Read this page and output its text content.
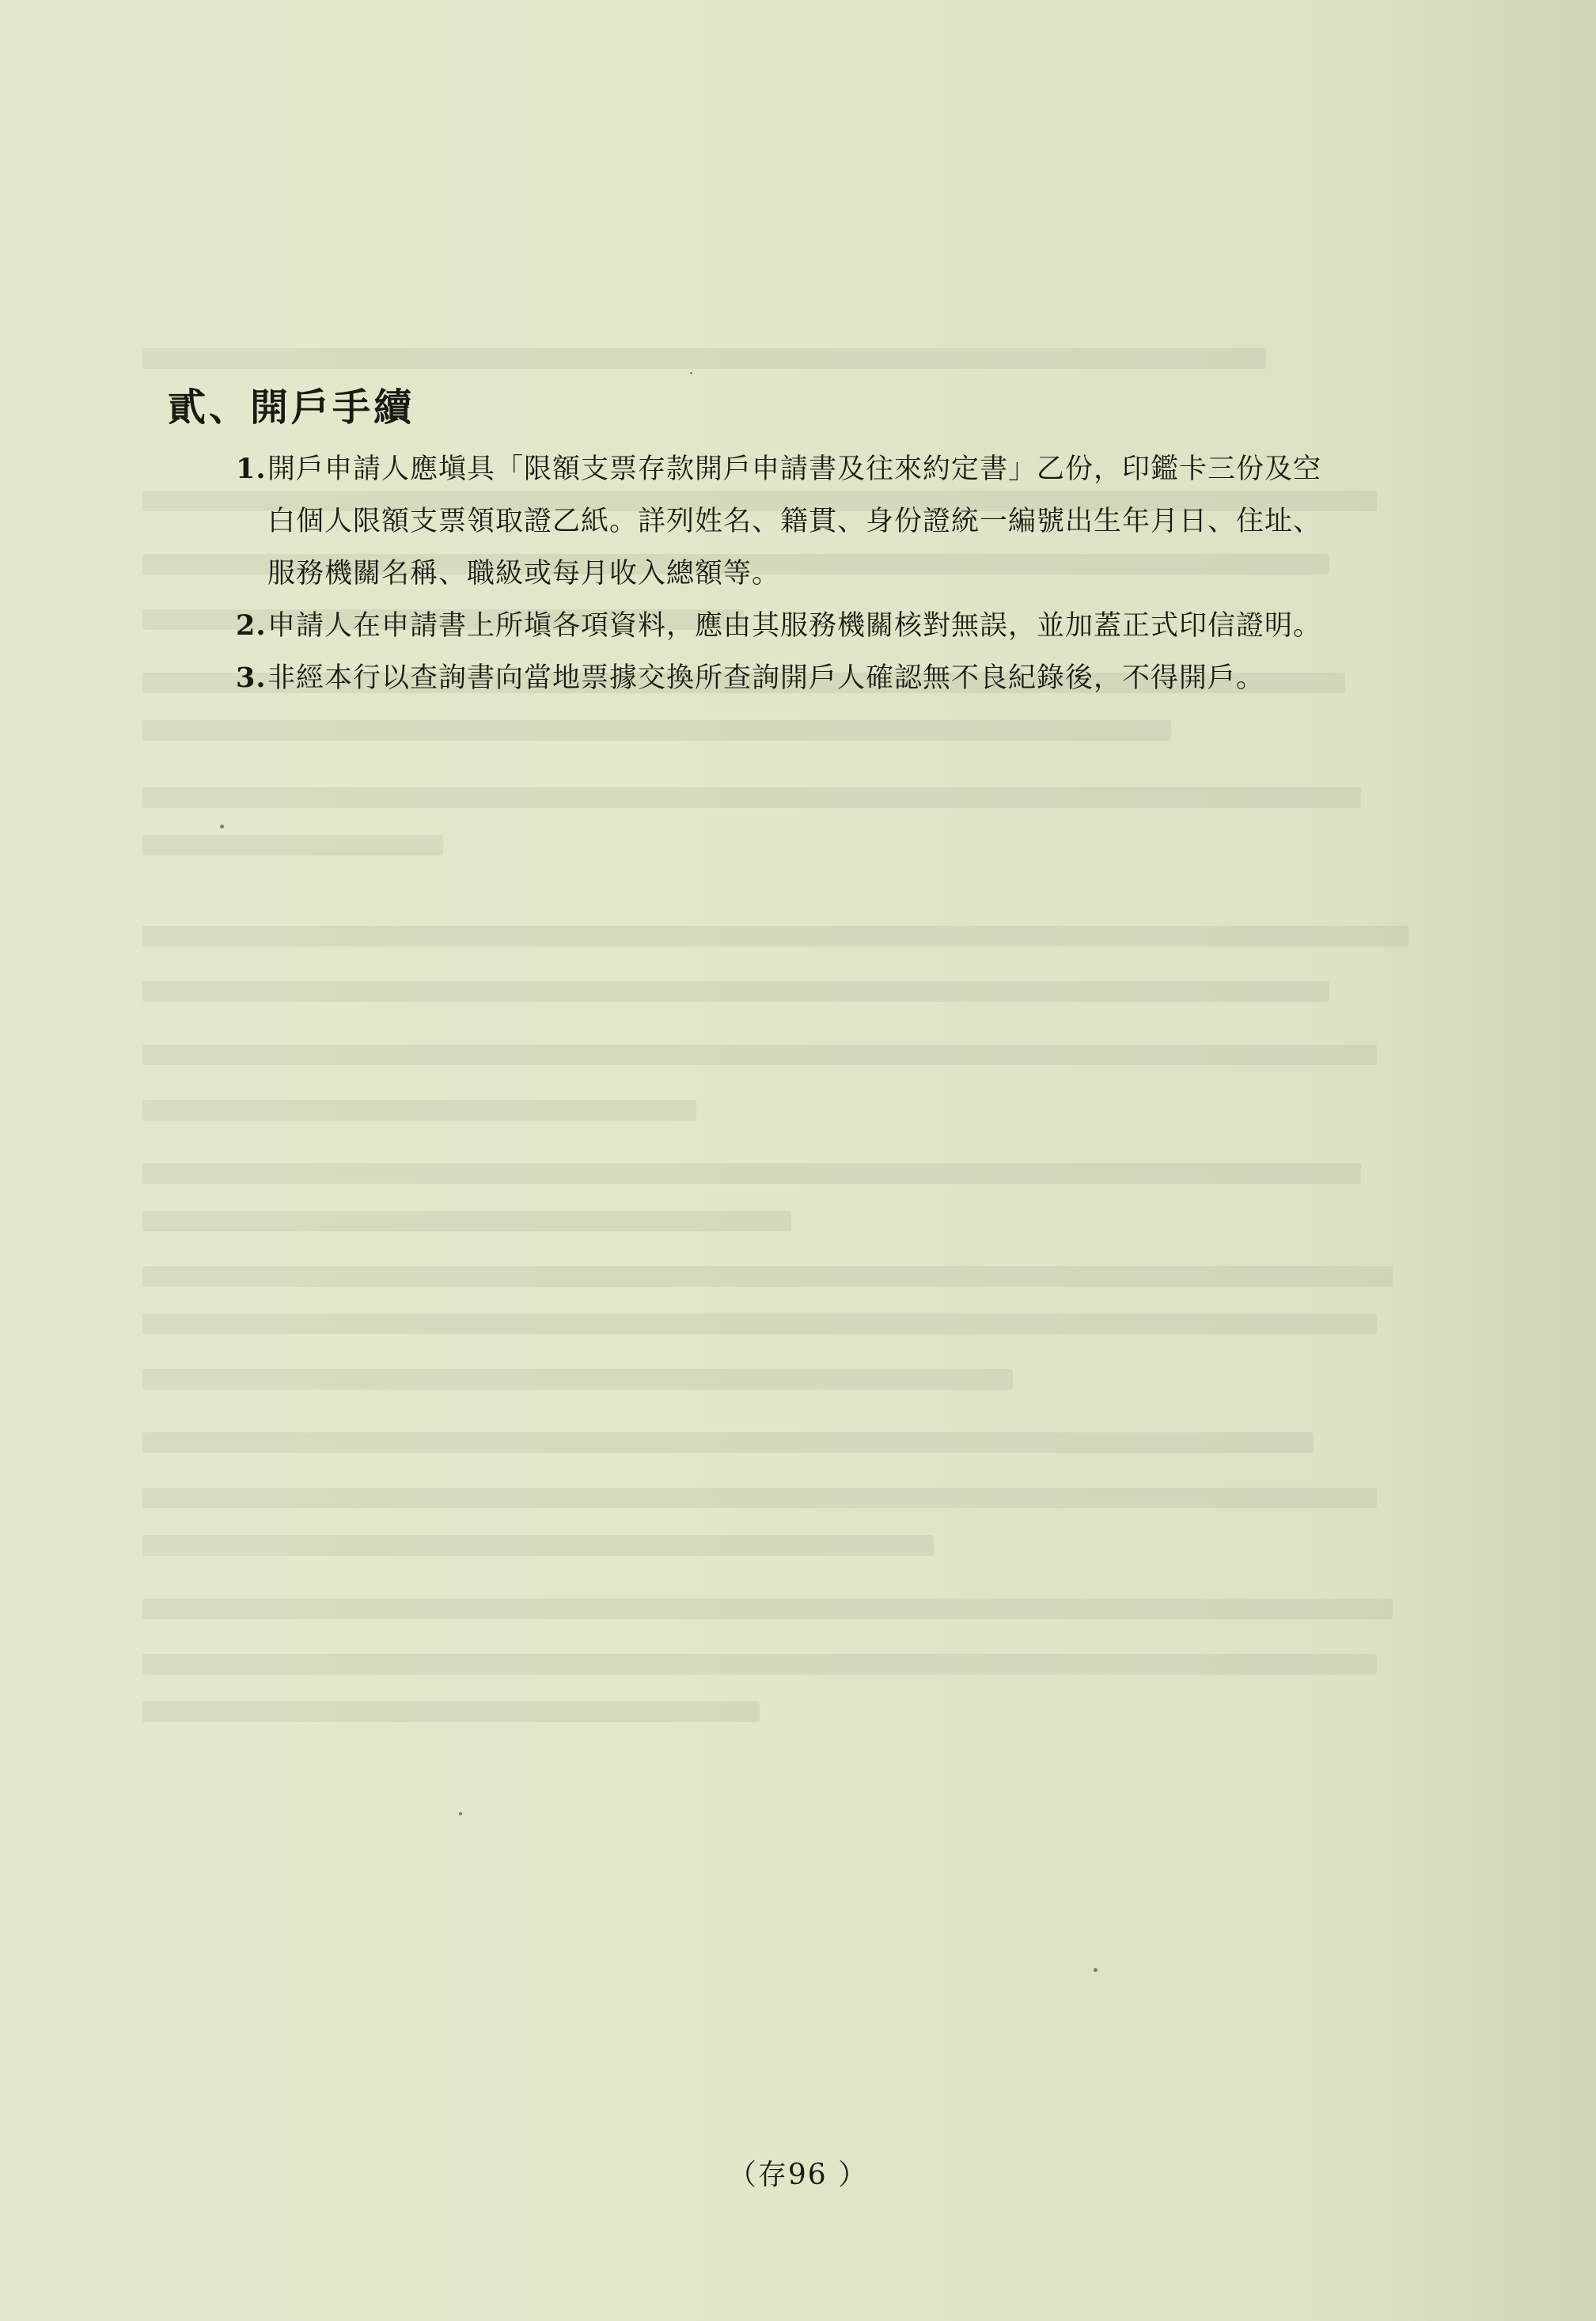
貳、開戶手續
1. 開戶申請人應塡具「限額支票存款開戶申請書及往來約定書」乙份，印鑑卡三份及空
白個人限額支票領取證乙紙。詳列姓名、籍貫、身份證統一編號出生年月日、住址、
服務機關名稱、職級或每月收入總額等。
2. 申請人在申請書上所塡各項資料，應由其服務機關核對無誤，並加蓋正式印信證明。
3. 非經本行以查詢書向當地票據交換所查詢開戶人確認無不良紀錄後，不得開戶。
（存96 ）
